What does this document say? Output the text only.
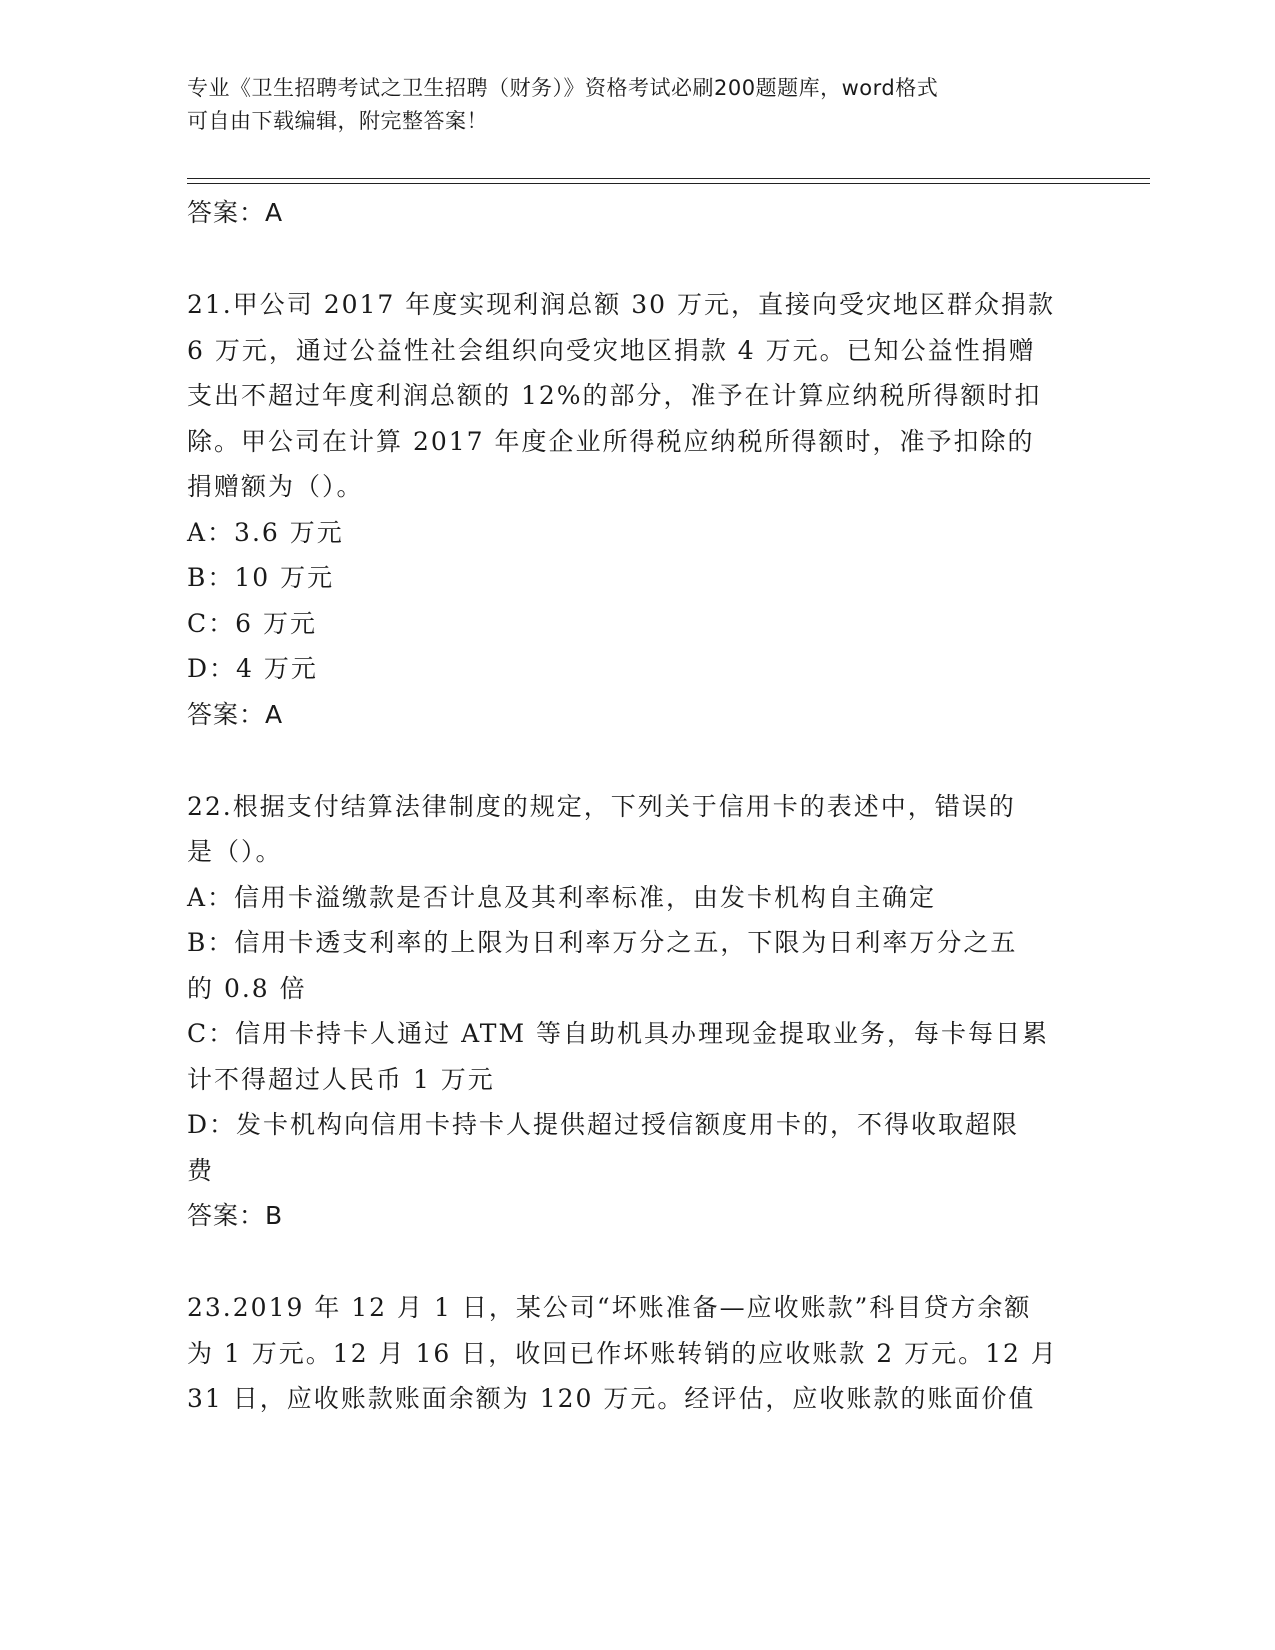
专业《卫生招聘考试之卫生招聘（财务）》资格考试必刷200题题库，word格式
可自由下载编辑，附完整答案！
答案：A
21.甲公司 2017 年度实现利润总额 30 万元，直接向受灾地区群众捐款
6 万元，通过公益性社会组织向受灾地区捐款 4 万元。已知公益性捐赠
支出不超过年度利润总额的 12%的部分，准予在计算应纳税所得额时扣
除。甲公司在计算 2017 年度企业所得税应纳税所得额时，准予扣除的
捐赠额为（）。
A：3.6 万元
B：10 万元
C：6 万元
D：4 万元
答案：A
22.根据支付结算法律制度的规定，下列关于信用卡的表述中，错误的
是（）。
A：信用卡溢缴款是否计息及其利率标准，由发卡机构自主确定
B：信用卡透支利率的上限为日利率万分之五，下限为日利率万分之五
的 0.8 倍
C：信用卡持卡人通过 ATM 等自助机具办理现金提取业务，每卡每日累
计不得超过人民币 1 万元
D：发卡机构向信用卡持卡人提供超过授信额度用卡的，不得收取超限
费
答案：B
23.2019 年 12 月 1 日，某公司“坏账准备—应收账款”科目贷方余额
为 1 万元。12 月 16 日，收回已作坏账转销的应收账款 2 万元。12 月
31 日，应收账款账面余额为 120 万元。经评估，应收账款的账面价值
